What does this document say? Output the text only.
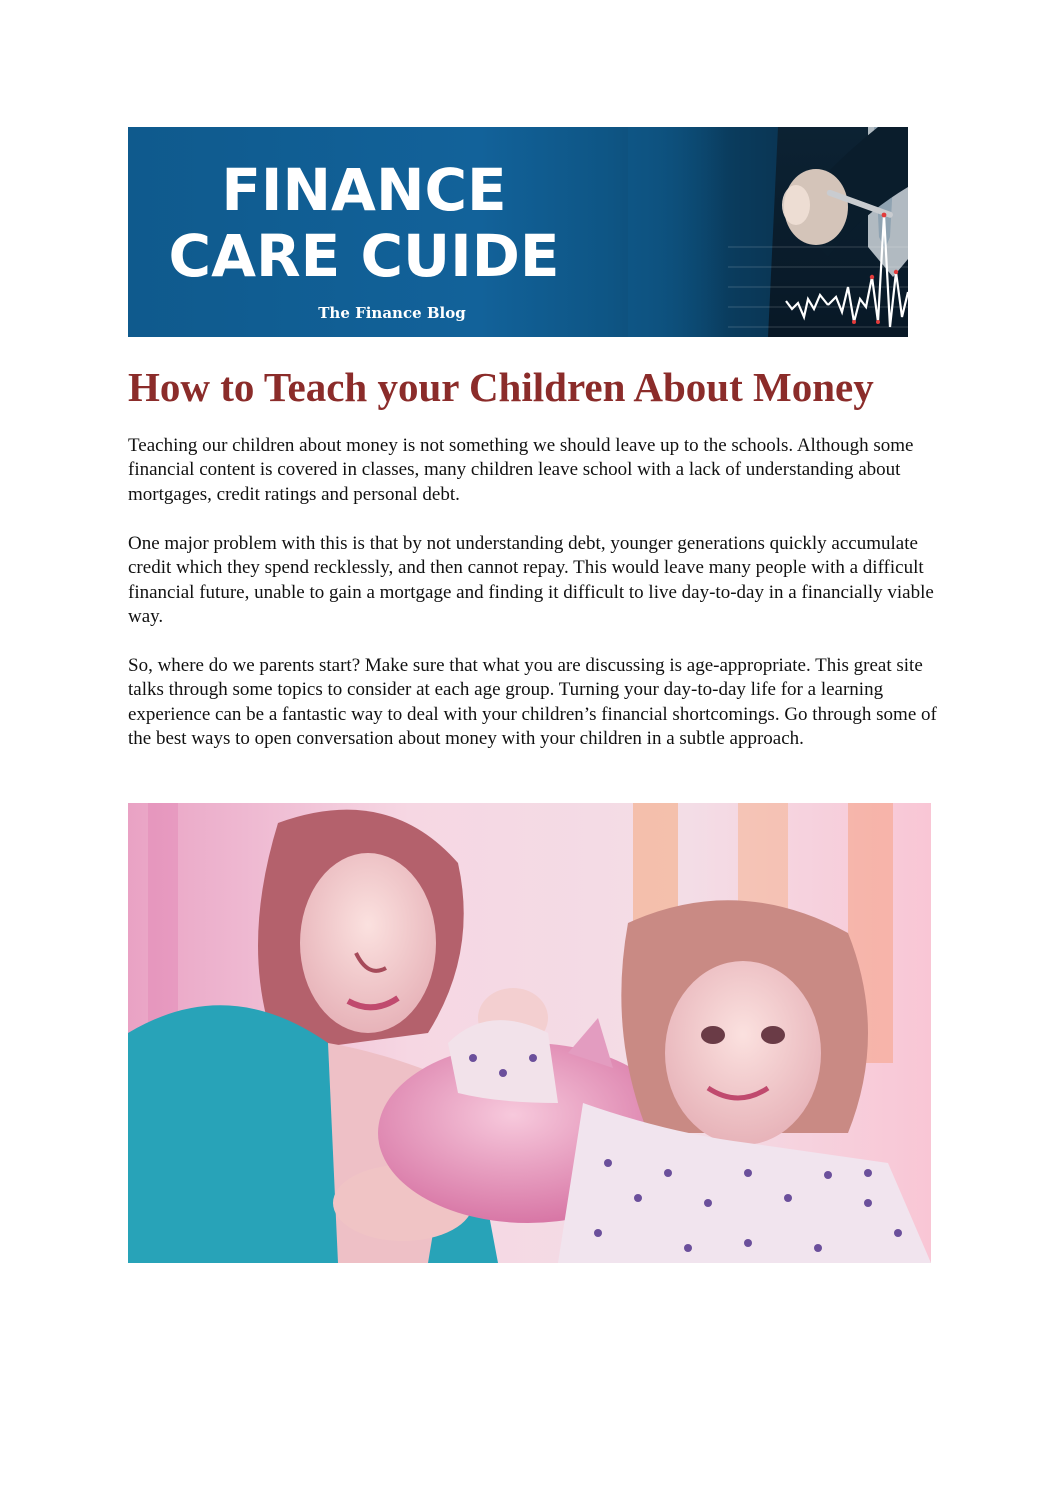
FINANCE
CARE CUIDE
The Finance Blog
How to Teach your Children About Money

Teaching our children about money is not something we should leave up to the schools. Although some financial content is covered in classes, many children leave school with a lack of understanding about mortgages, credit ratings and personal debt.

One major problem with this is that by not understanding debt, younger generations quickly accumulate credit which they spend recklessly, and then cannot repay. This would leave many people with a difficult financial future, unable to gain a mortgage and finding it difficult to live day-to-day in a financially viable way.

So, where do we parents start? Make sure that what you are discussing is age-appropriate. This great site talks through some topics to consider at each age group. Turning your day-to-day life for a learning experience can be a fantastic way to deal with your children’s financial shortcomings. Go through some of the best ways to open conversation about money with your children in a subtle approach.
